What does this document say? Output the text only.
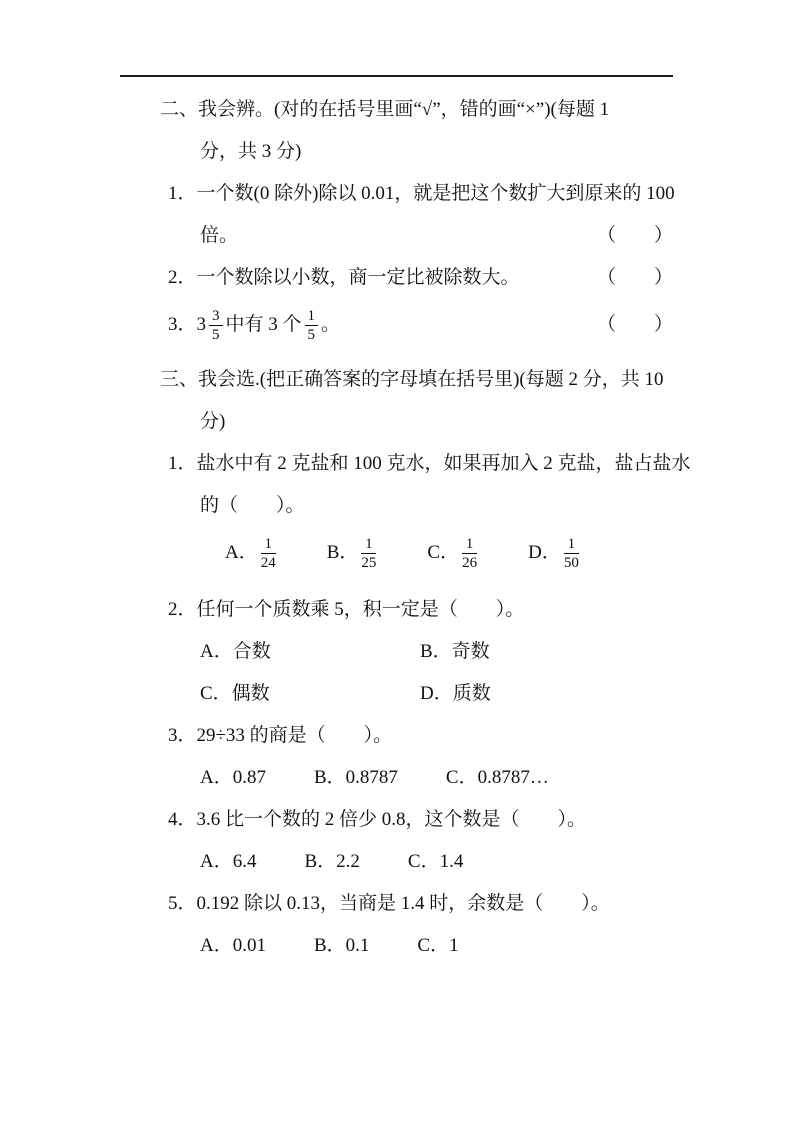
二、我会辨。(对的在括号里画“√”，错的画“×”)(每题 1
分，共 3 分)
1．一个数(0 除外)除以 0.01，就是把这个数扩大到原来的 100
倍。	（　　）
2．一个数除以小数，商一定比被除数大。	（　　）
3．$3 \frac{3}{5}$ 中有 3 个 $\frac{1}{5}$ 。	（　　）
三、我会选.(把正确答案的字母填在括号里)(每题 2 分，共 10
分)
1．盐水中有 2 克盐和 100 克水，如果再加入 2 克盐，盐占盐水
的（　　）。
A． $\frac{1}{24}$	B． $\frac{1}{25}$	C． $\frac{1}{26}$	D． $\frac{1}{50}$
2．任何一个质数乘 5，积一定是（　　）。
A．合数	B．奇数
C．偶数	D．质数
3．29÷33 的商是（　　）。
A．0.87	B．0.8787	C．0.8787…
4．3.6 比一个数的 2 倍少 0.8，这个数是（　　）。
A．6.4	B．2.2	C．1.4
5．0.192 除以 0.13，当商是 1.4 时，余数是（　　）。
A．0.01	B．0.1	C．1
